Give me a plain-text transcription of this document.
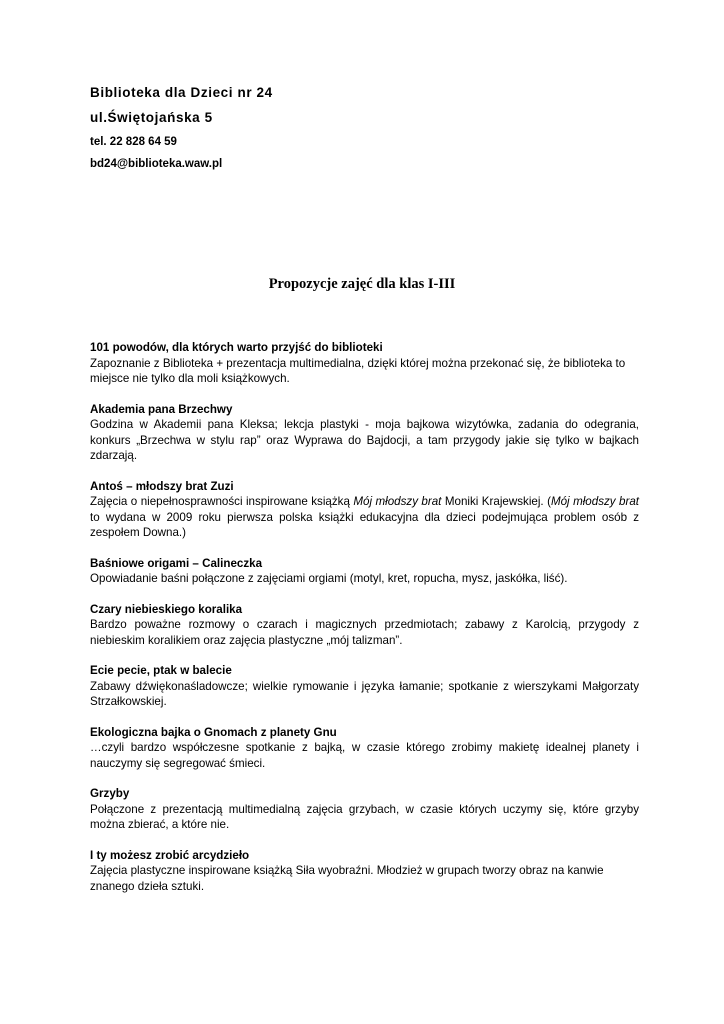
Biblioteka dla Dzieci nr 24
ul.Świętojańska 5
tel. 22 828 64 59
bd24@biblioteka.waw.pl
Propozycje zajęć dla klas I-III
101 powodów, dla których warto przyjść do biblioteki
Zapoznanie z Biblioteka + prezentacja multimedialna, dzięki której można przekonać się, że biblioteka to miejsce nie tylko dla moli książkowych.
Akademia pana Brzechwy
Godzina w Akademii pana Kleksa; lekcja plastyki - moja bajkowa wizytówka, zadania do odegrania, konkurs „Brzechwa w stylu rap” oraz Wyprawa do Bajdocji, a tam przygody jakie się tylko w bajkach zdarzają.
Antoś – młodszy brat Zuzi
Zajęcia o niepełnosprawności inspirowane książką Mój młodszy brat Moniki Krajewskiej. (Mój młodszy brat to wydana w 2009 roku pierwsza polska książki edukacyjna dla dzieci podejmująca problem osób z zespołem Downa.)
Baśniowe origami – Calineczka
Opowiadanie baśni połączone z zajęciami orgiami (motyl, kret, ropucha, mysz, jaskółka, liść).
Czary niebieskiego koralika
Bardzo poważne rozmowy o czarach i magicznych przedmiotach; zabawy z Karolcią, przygody z niebieskim koralikiem oraz zajęcia plastyczne „mój talizman”.
Ecie pecie, ptak w balecie
Zabawy dźwiękonaśladowcze; wielkie rymowanie i języka łamanie; spotkanie z wierszykami Małgorzaty Strzałkowskiej.
Ekologiczna bajka o Gnomach z planety Gnu
…czyli bardzo współczesne spotkanie z bajką, w czasie którego zrobimy makietę idealnej planety i nauczymy się segregować śmieci.
Grzyby
Połączone z prezentacją multimedialną zajęcia grzybach, w czasie których uczymy się, które grzyby można zbierać, a które nie.
I ty możesz zrobić arcydzieło
Zajęcia plastyczne inspirowane książką Siła wyobraźni. Młodzież w grupach tworzy obraz na kanwie znanego dzieła sztuki.
